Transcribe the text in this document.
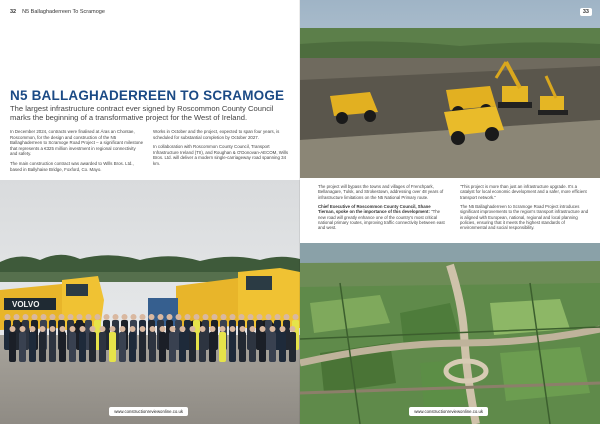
32 N5 Ballaghaderreen To Scramoge
N5 BALLAGHADERREEN TO SCRAMOGE
The largest infrastructure contract ever signed by Roscommon County Council marks the beginning of a transformative project for the West of Ireland.

In December 2024, contracts were finalised at Áras an Chontae, Roscommon, for the design and construction of the N5 Ballaghaderreen to Scramoge Road Project – a significant milestone that represents a €325 million investment in regional connectivity and safety.

The main construction contract was awarded to Wills Bros. Ltd., based in Ballyhaise Bridge, Foxford, Co. Mayo.

Works in October and the project, expected to span four years, is scheduled for substantial completion by October 2027.

In collaboration with Roscommon County Council, Transport Infrastructure Ireland (TII), and Roughan & O'Donovan-AECOM, Wills Bros. Ltd. will deliver a modern single-carriageway road spanning 34 km.

VOLVO
www.constructionreviewonline.co.uk
33

The project will bypass the towns and villages of Frenchpark, Bellanagare, Tulsk, and Strokestown, addressing over 48 years of infrastructure limitations on the N5 National Primary route.

Chief Executive of Roscommon County Council, Shane Tiernan, spoke on the importance of this development: "The new road will greatly enhance one of the country's most critical national primary routes, improving traffic connectivity between east and west.

"This project is more than just an infrastructure upgrade. It's a catalyst for local economic development and a safer, more efficient transport network."

The N5 Ballaghaderreen to Scramoge Road Project introduces significant improvements to the region's transport infrastructure and is aligned with European, national, regional and local planning policies, ensuring that it meets the highest standards of environmental and social responsibility.

www.constructionreviewonline.co.uk
